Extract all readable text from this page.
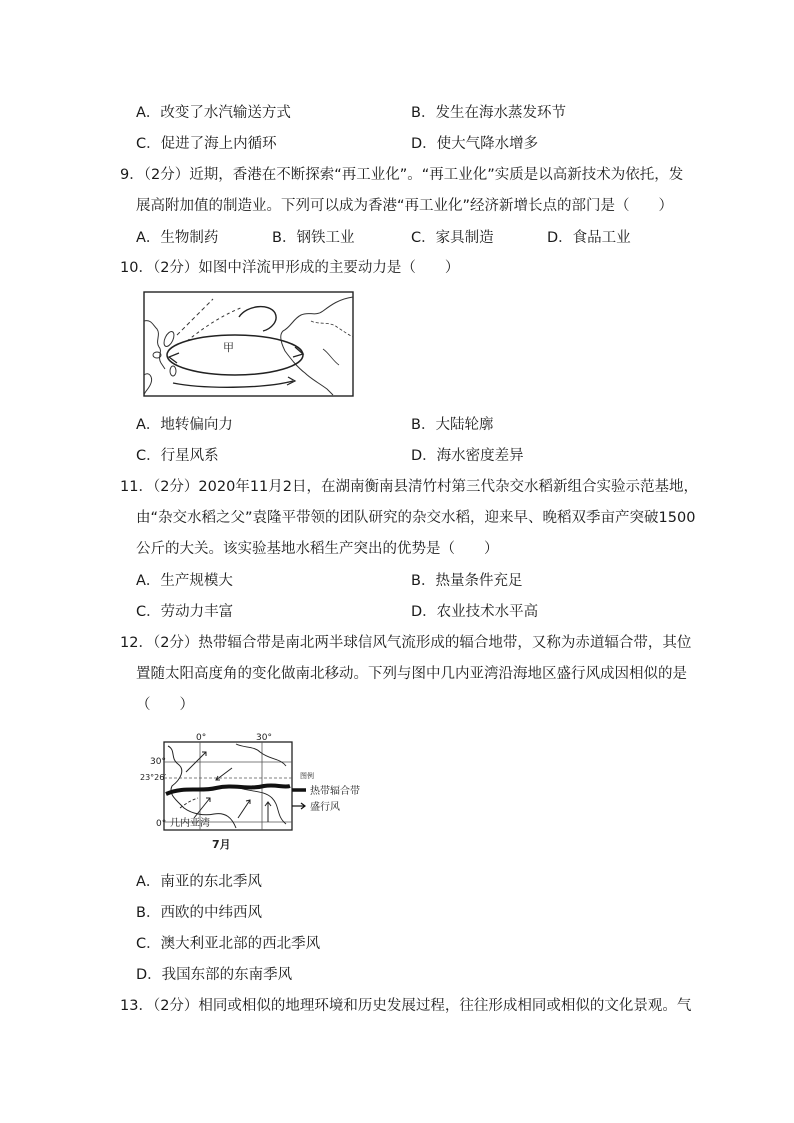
A．改变了水汽输送方式	B．发生在海水蒸发环节
C．促进了海上内循环	D．使大气降水增多
9．（2分）近期，香港在不断探索“再工业化”。“再工业化”实质是以高新技术为依托，发
展高附加值的制造业。下列可以成为香港“再工业化”经济新增长点的部门是（　　）
A．生物制药	B．钢铁工业	C．家具制造	D．食品工业
10．（2分）如图中洋流甲形成的主要动力是（　　）
甲
A．地转偏向力	B．大陆轮廓
C．行星风系	D．海水密度差异
11．（2分）2020年11月2日，在湖南衡南县清竹村第三代杂交水稻新组合实验示范基地，
由“杂交水稻之父”袁隆平带领的团队研究的杂交水稻，迎来早、晚稻双季亩产突破1500
公斤的大关。该实验基地水稻生产突出的优势是（　　）
A．生产规模大	B．热量条件充足
C．劳动力丰富	D．农业技术水平高
12．（2分）热带辐合带是南北两半球信风气流形成的辐合地带，又称为赤道辐合带，其位
置随太阳高度角的变化做南北移动。下列与图中几内亚湾沿海地区盛行风成因相似的是
（　　）
0°	30°
30°
23°26′
0° 几内亚湾
图例
热带辐合带
盛行风
7月
A．南亚的东北季风
B．西欧的中纬西风
C．澳大利亚北部的西北季风
D．我国东部的东南季风
13．（2分）相同或相似的地理环境和历史发展过程，往往形成相同或相似的文化景观。气
